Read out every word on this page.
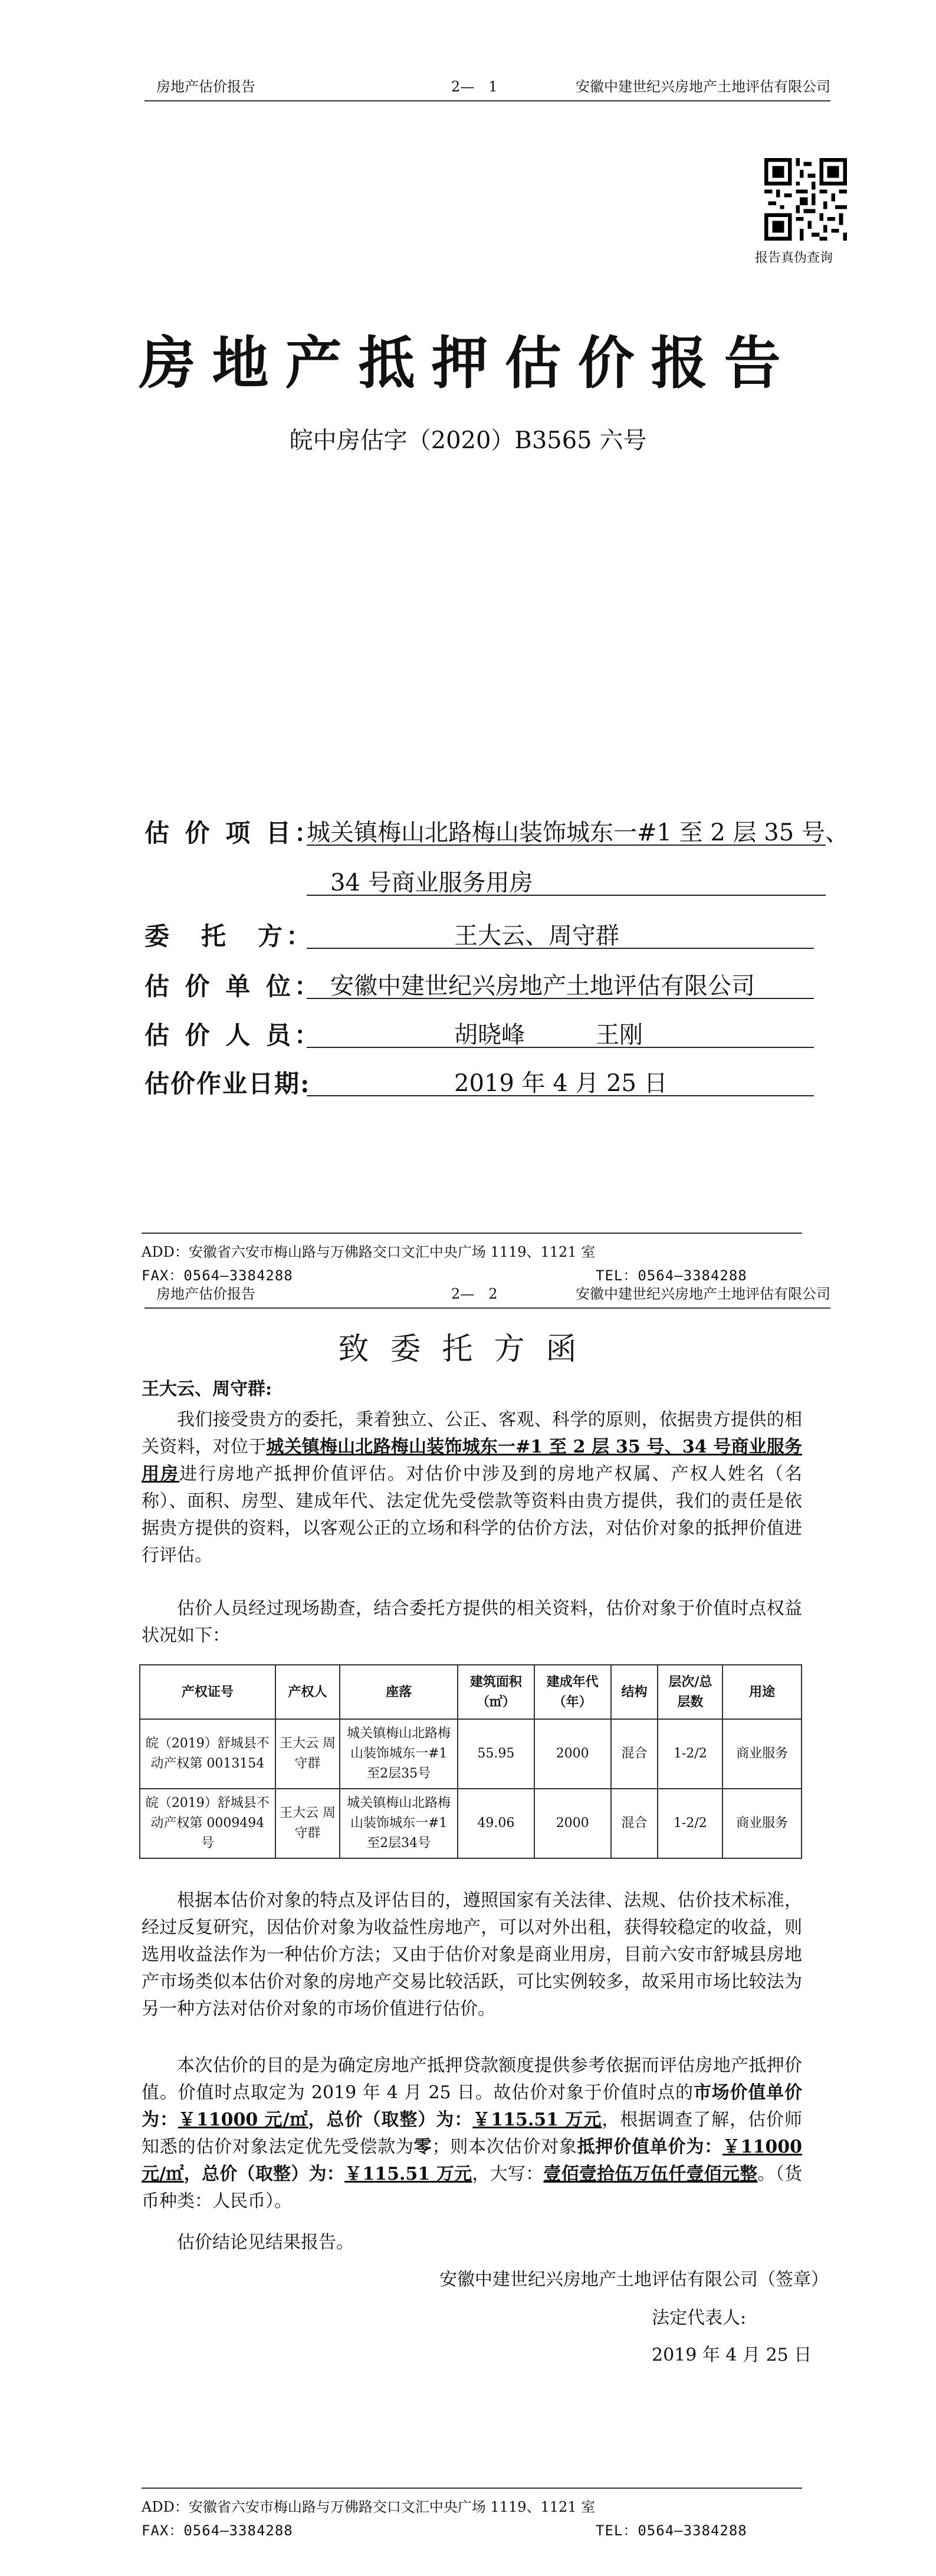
房地产估价报告	2—　1	安徽中建世纪兴房地产土地评估有限公司
报告真伪查询
房地产抵押估价报告
皖中房估字（2020）B3565 六号
估 价 项 目：
城关镇梅山北路梅山装饰城东一#1 至 2 层 35 号、
34 号商业服务用房
委　托　方：	王大云、周守群
估 价 单 位： 安徽中建世纪兴房地产土地评估有限公司
估 价 人 员：	胡晓峰　　　王刚
估价作业日期:	2019 年 4 月 25 日
ADD：安徽省六安市梅山路与万佛路交口文汇中央广场 1119、1121 室
FAX：0564—3384288	TEL：0564—3384288
房地产估价报告	2—　2	安徽中建世纪兴房地产土地评估有限公司
致委托方函
王大云、周守群:
我们接受贵方的委托，秉着独立、公正、客观、科学的原则，依据贵方提供的相关资料，对位于城关镇梅山北路梅山装饰城东一#1 至 2 层 35 号、34 号商业服务用房进行房地产抵押价值评估。对估价中涉及到的房地产权属、产权人姓名（名称）、面积、房型、建成年代、法定优先受偿款等资料由贵方提供，我们的责任是依据贵方提供的资料，以客观公正的立场和科学的估价方法，对估价对象的抵押价值进行评估。
估价人员经过现场勘查，结合委托方提供的相关资料，估价对象于价值时点权益状况如下：
产权证号	产权人	座落	建筑面积（㎡）	建成年代（年）	结构	层次/总层数	用途
皖（2019）舒城县不动产权第 0013154	王大云 周守群	城关镇梅山北路梅山装饰城东一#1 至2层35号	55.95	2000	混合	1-2/2	商业服务
皖（2019）舒城县不动产权第 0009494 号	王大云 周守群	城关镇梅山北路梅山装饰城东一#1 至2层34号	49.06	2000	混合	1-2/2	商业服务
根据本估价对象的特点及评估目的，遵照国家有关法律、法规、估价技术标准，经过反复研究，因估价对象为收益性房地产，可以对外出租，获得较稳定的收益，则选用收益法作为一种估价方法；又由于估价对象是商业用房，目前六安市舒城县房地产市场类似本估价对象的房地产交易比较活跃，可比实例较多，故采用市场比较法为另一种方法对估价对象的市场价值进行估价。
本次估价的目的是为确定房地产抵押贷款额度提供参考依据而评估房地产抵押价值。价值时点取定为 2019 年 4 月 25 日。故估价对象于价值时点的市场价值单价为：￥11000 元/㎡，总价（取整）为：￥115.51 万元，根据调查了解，估价师知悉的估价对象法定优先受偿款为零；则本次估价对象抵押价值单价为：￥11000 元/㎡，总价（取整）为：￥115.51 万元，大写：壹佰壹拾伍万伍仟壹佰元整。（货币种类：人民币）。
估价结论见结果报告。
安徽中建世纪兴房地产土地评估有限公司（签章）
法定代表人:
2019 年 4 月 25 日
ADD：安徽省六安市梅山路与万佛路交口文汇中央广场 1119、1121 室
FAX：0564—3384288	TEL：0564—3384288
